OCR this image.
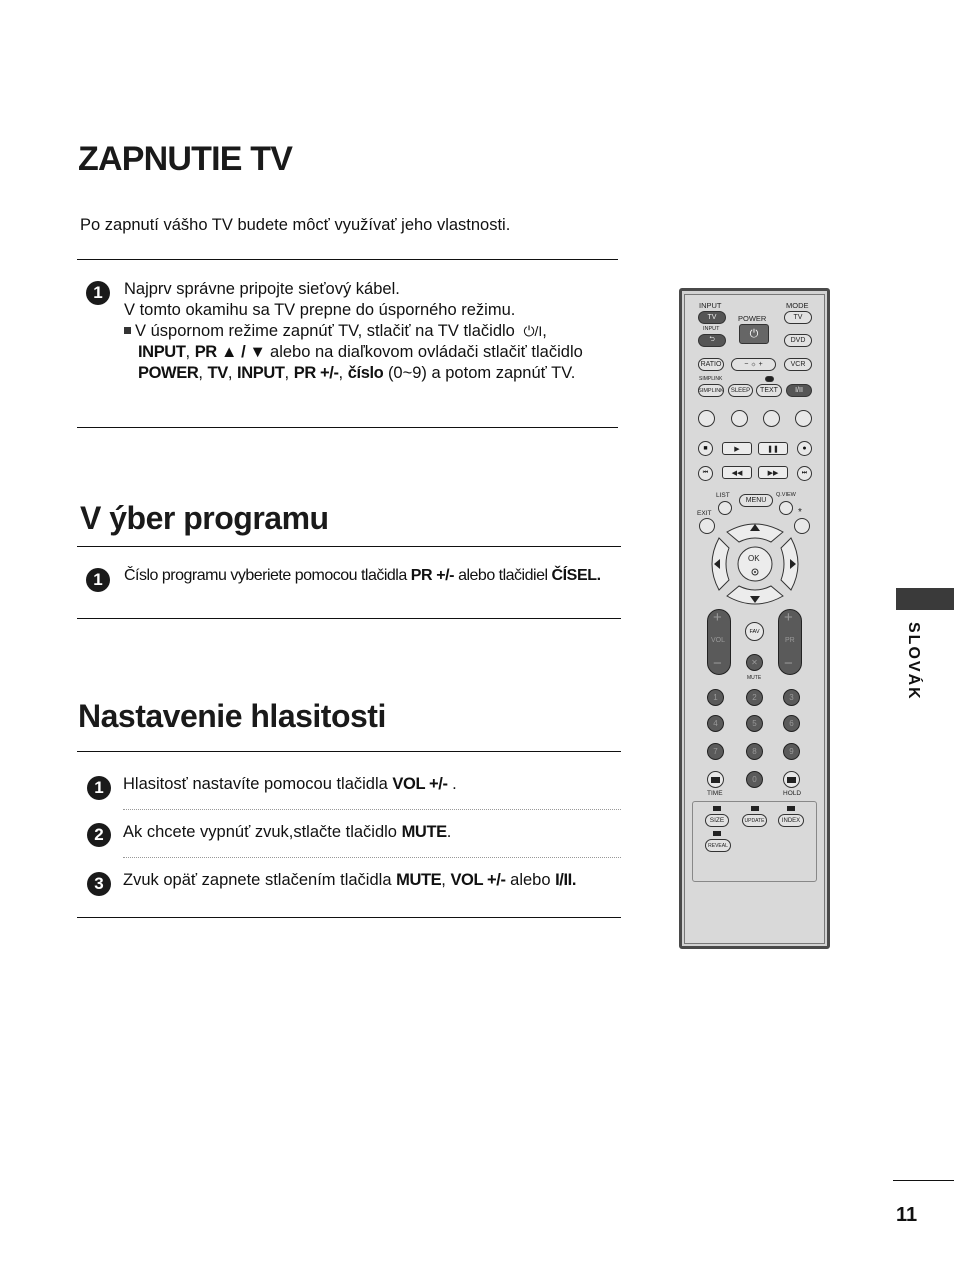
ZAPNUTIE TV
Po zapnutí vášho TV budete môcť využívať jeho vlastnosti.
1	Najprv správne pripojte sieťový kábel.
V tomto okamihu sa TV prepne do úsporného režimu.
V úspornom režime zapnúť TV, stlačiť na TV tlačidlo ⏻/I,
INPUT, PR ▲ / ▼ alebo na diaľkovom ovládači stlačiť tlačidlo
POWER, TV, INPUT, PR +/-, číslo (0~9) a potom zapnúť TV.
V ýber programu
1	Číslo programu vyberiete pomocou tlačidla PR +/- alebo tlačidiel ČÍSEL.
Nastavenie hlasitosti
1	Hlasitosť nastavíte pomocou tlačidla VOL +/- .
2	Ak chcete vypnúť zvuk,stlačte tlačidlo MUTE.
3	Zvuk opäť zapnete stlačením tlačidla MUTE, VOL +/- alebo I/II.
SLOVÁK
11
INPUT	MODE
POWER
TV
⏻
TV
INPUT
⮌	DVD
RATIO	− ☼ +	VCR
SIMPLINK
SIMPLINK	SLEEP	TEXT	I/II
■	▶	❚❚	●
⏮	◀◀	▶▶	⏭
LIST	Q.VIEW
MENU
EXIT	*
OK
+
−
VOL
+
−
PR
FAV
✕
MUTE
1	2	3
4	5	6
7	8	9
0
TIME	HOLD
SIZE	UPDATE	INDEX
REVEAL
